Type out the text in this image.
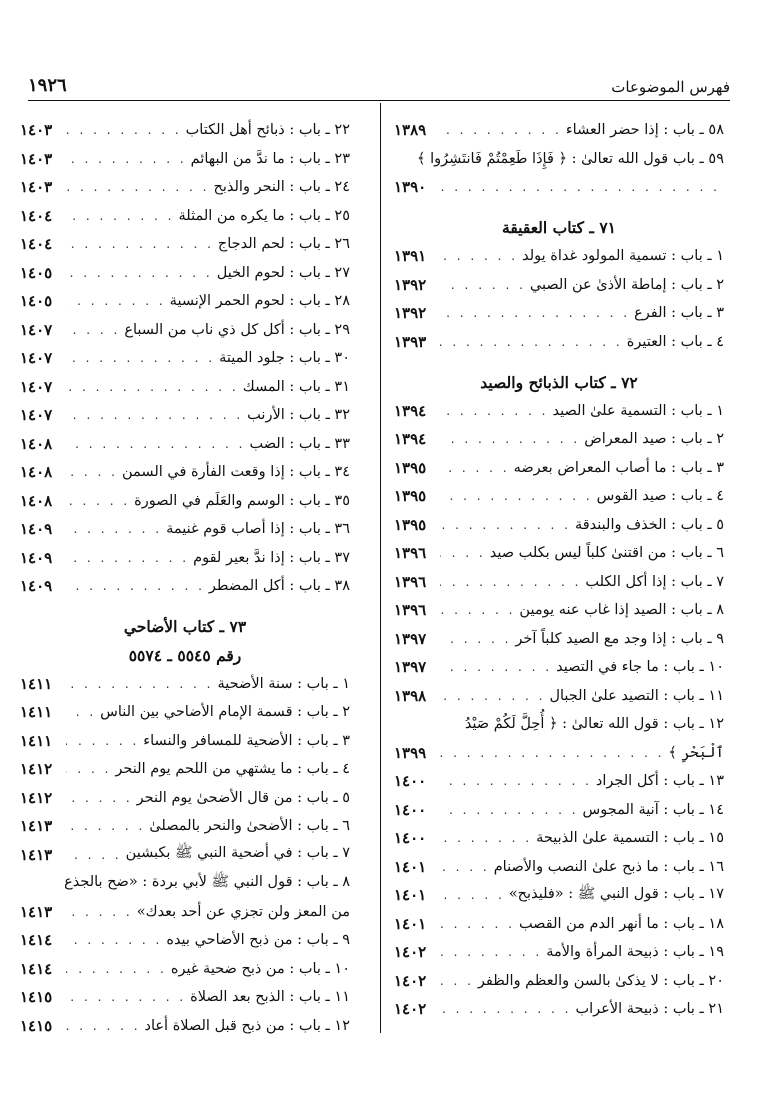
١٩٢٦	فهرس الموضوعات
٥٨ ـ باب : إذا حضر العشاء
. . .
١٣٨٩
٥٩ ـ باب قول الله تعالىٰ : ﴿ فَإِذَا طَعِمْتُمْ فَانتَشِرُوا ﴾
. . .
١٣٩٠
٧١ ـ كتاب العقيقة
١ ـ باب : تسمية المولود غداة يولد
. . .
١٣٩١
٢ ـ باب : إماطة الأذىٰ عن الصبي
. . .
١٣٩٢
٣ ـ باب : الفرع
. . .
١٣٩٢
٤ ـ باب : العتيرة
. . .
١٣٩٣
٧٢ ـ كتاب الذبائح والصيد
١ ـ باب : التسمية علىٰ الصيد
. . .
١٣٩٤
٢ ـ باب : صيد المعراض
. . .
١٣٩٤
٣ ـ باب : ما أصاب المعراض بعرضه
. . .
١٣٩٥
٤ ـ باب : صيد القوس
. . .
١٣٩٥
٥ ـ باب : الخذف والبندقة
. . .
١٣٩٥
٦ ـ باب : من اقتنىٰ كلباً ليس بكلب صيد
. . .
١٣٩٦
٧ ـ باب : إذا أكل الكلب
. . .
١٣٩٦
٨ ـ باب : الصيد إذا غاب عنه يومين
. . .
١٣٩٦
٩ ـ باب : إذا وجد مع الصيد كلباً آخر
. . .
١٣٩٧
١٠ ـ باب : ما جاء في التصيد
. . .
١٣٩٧
١١ ـ باب : التصيد علىٰ الجبال
. . .
١٣٩٨
١٢ ـ باب : قول الله تعالىٰ : ﴿ أُحِلَّ لَكُمْ صَيْدُ
ٱلْبَحْرِ ﴾
. . .
١٣٩٩
١٣ ـ باب : أكل الجراد
. . .
١٤٠٠
١٤ ـ باب : آنية المجوس
. . .
١٤٠٠
١٥ ـ باب : التسمية علىٰ الذبيحة
. . .
١٤٠٠
١٦ ـ باب : ما ذبح علىٰ النصب والأصنام
. . .
١٤٠١
١٧ ـ باب : قول النبي ﷺ : «فليذبح»
. . .
١٤٠١
١٨ ـ باب : ما أنهر الدم من القصب
. . .
١٤٠١
١٩ ـ باب : ذبيحة المرأة والأمة
. . .
١٤٠٢
٢٠ ـ باب : لا يذكىٰ بالسن والعظم والظفر
. . .
١٤٠٢
٢١ ـ باب : ذبيحة الأعراب
. . .
١٤٠٢
٢٢ ـ باب : ذبائح أهل الكتاب
. . .
١٤٠٣
٢٣ ـ باب : ما ندَّ من البهائم
. . .
١٤٠٣
٢٤ ـ باب : النحر والذبح
. . .
١٤٠٣
٢٥ ـ باب : ما يكره من المثلة
. . .
١٤٠٤
٢٦ ـ باب : لحم الدجاج
. . .
١٤٠٤
٢٧ ـ باب : لحوم الخيل
. . .
١٤٠٥
٢٨ ـ باب : لحوم الحمر الإنسية
. . .
١٤٠٥
٢٩ ـ باب : أكل كل ذي ناب من السباع
. . .
١٤٠٧
٣٠ ـ باب : جلود الميتة
. . .
١٤٠٧
٣١ ـ باب : المسك
. . .
١٤٠٧
٣٢ ـ باب : الأرنب
. . .
١٤٠٧
٣٣ ـ باب : الضب
. . .
١٤٠٨
٣٤ ـ باب : إذا وقعت الفأرة في السمن
. . .
١٤٠٨
٣٥ ـ باب : الوسم والعَلَم في الصورة
. . .
١٤٠٨
٣٦ ـ باب : إذا أصاب قوم غنيمة
. . .
١٤٠٩
٣٧ ـ باب : إذا ندَّ بعير لقوم
. . .
١٤٠٩
٣٨ ـ باب : أكل المضطر
. . .
١٤٠٩
٧٣ ـ كتاب الأضاحي
رقم ٥٥٤٥ ـ ٥٥٧٤
١ ـ باب : سنة الأضحية
. . .
١٤١١
٢ ـ باب : قسمة الإمام الأضاحي بين الناس
. . .
١٤١١
٣ ـ باب : الأضحية للمسافر والنساء
. . .
١٤١١
٤ ـ باب : ما يشتهي من اللحم يوم النحر
. . .
١٤١٢
٥ ـ باب : من قال الأضحىٰ يوم النحر
. . .
١٤١٢
٦ ـ باب : الأضحىٰ والنحر بالمصلىٰ
. . .
١٤١٣
٧ ـ باب : في أضحية النبي ﷺ بكبشين
. . .
١٤١٣
٨ ـ باب : قول النبي ﷺ لأبي بردة : «ضح بالجذع
من المعز ولن تجزي عن أحد بعدك»
. . .
١٤١٣
٩ ـ باب : من ذبح الأضاحي بيده
. . .
١٤١٤
١٠ ـ باب : من ذبح ضحية غيره
. . .
١٤١٤
١١ ـ باب : الذبح بعد الصلاة
. . .
١٤١٥
١٢ ـ باب : من ذبح قبل الصلاة أعاد
. . .
١٤١٥
